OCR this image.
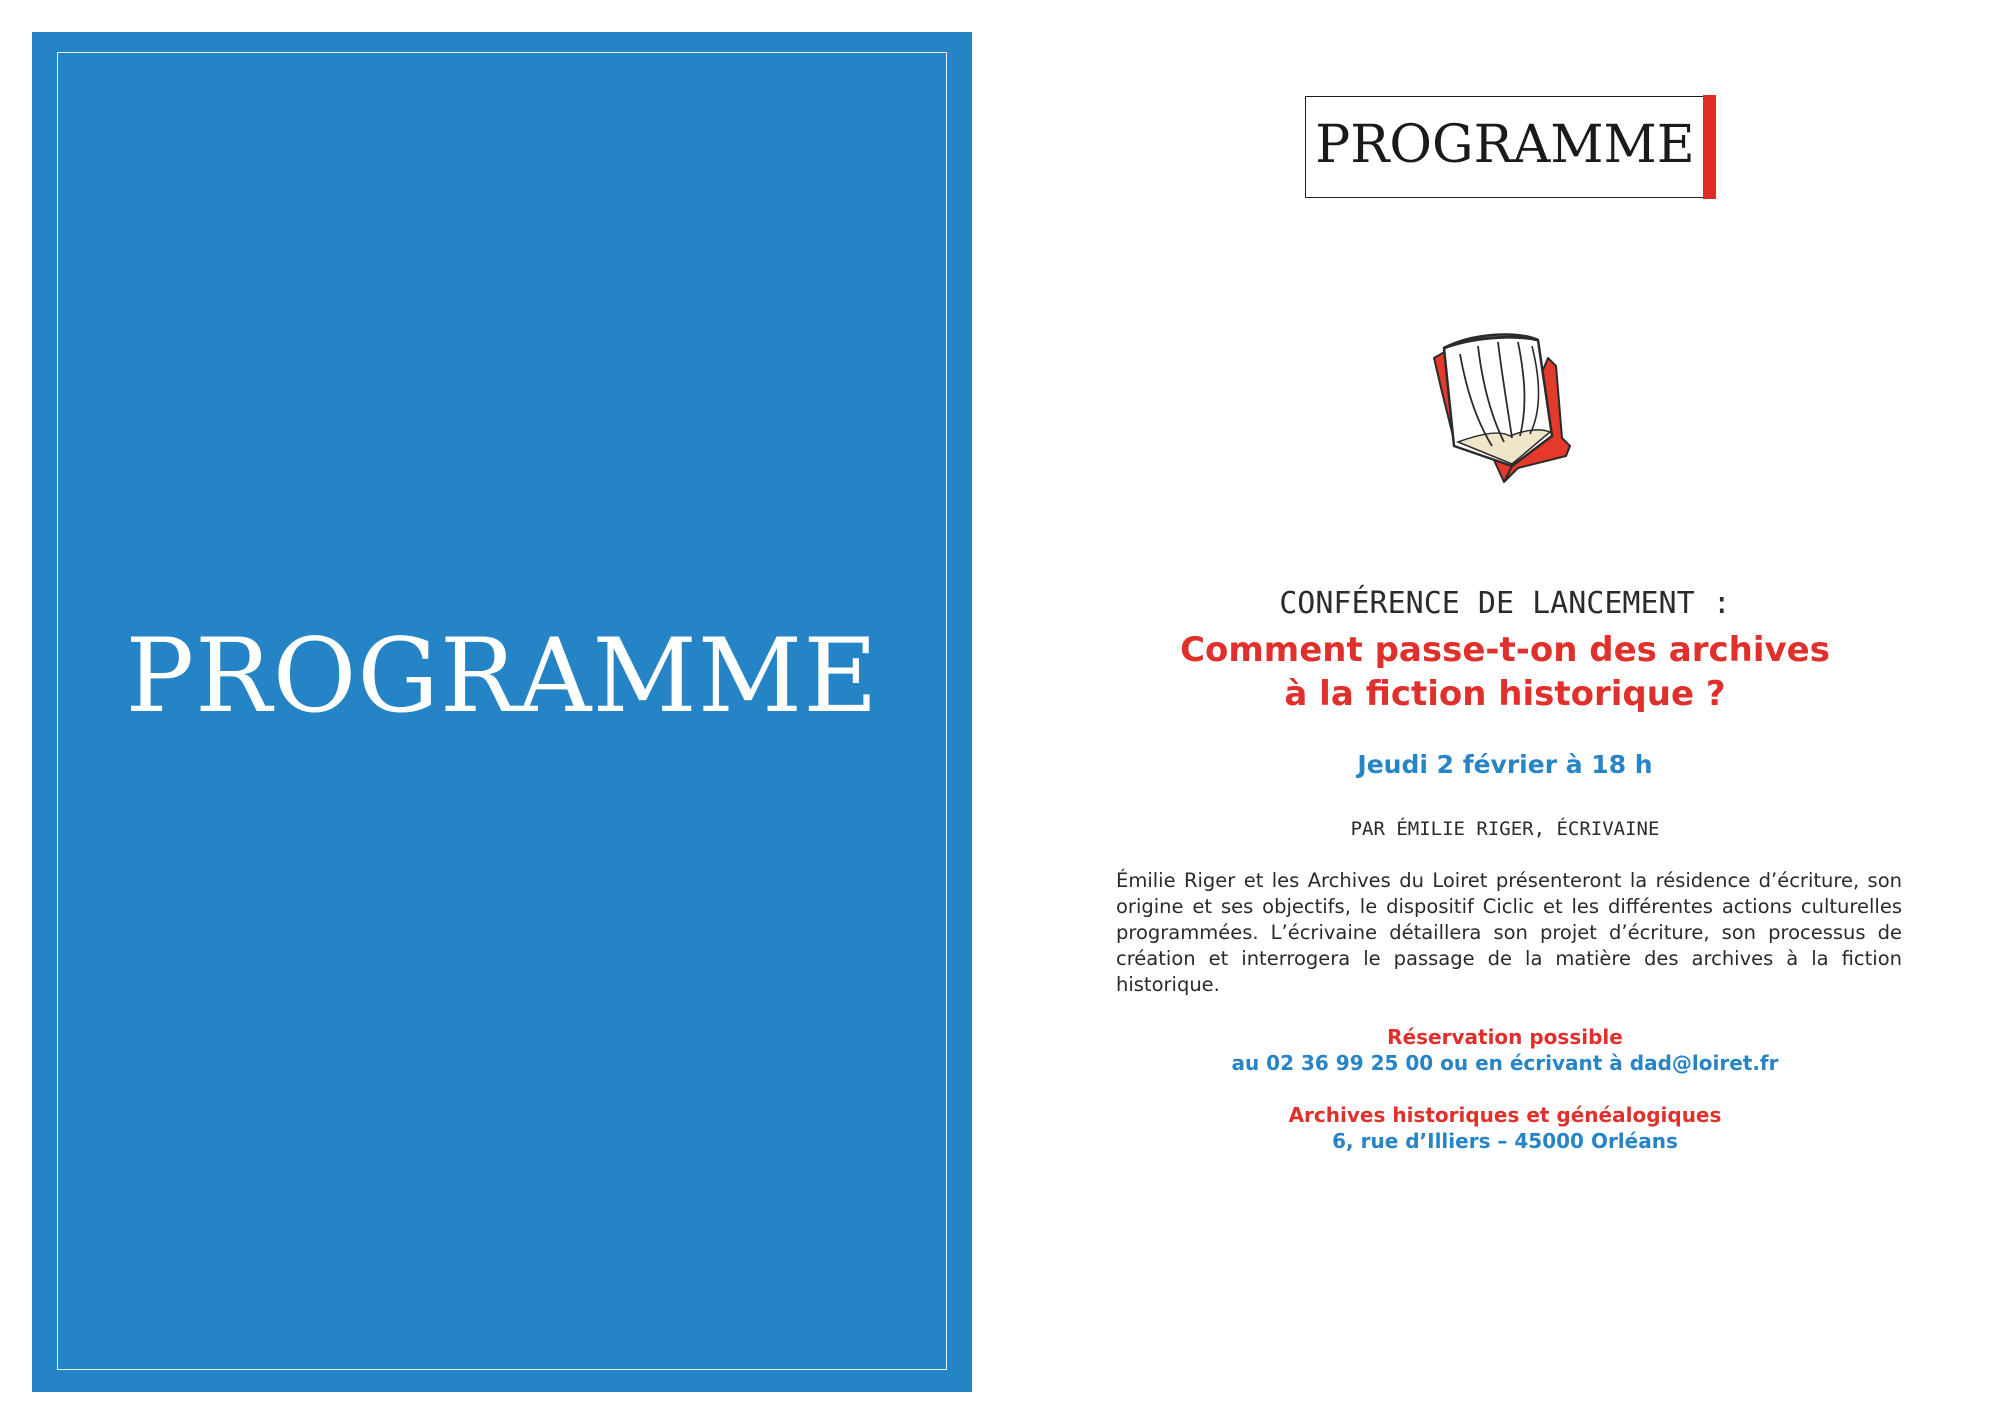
PROGRAMME
PROGRAMME
CONFÉRENCE DE LANCEMENT :
Comment passe-t-on des archives
à la fiction historique ?
Jeudi 2 février à 18 h
PAR ÉMILIE RIGER, ÉCRIVAINE
Émilie Riger et les Archives du Loiret présenteront la résidence d’écriture, son origine et ses objectifs, le dispositif Ciclic et les différentes actions culturelles programmées. L’écrivaine détaillera son projet d’écriture, son processus de création et interrogera le passage de la matière des archives à la fiction historique.
Réservation possible
au 02 36 99 25 00 ou en écrivant à dad@loiret.fr
Archives historiques et généalogiques
6, rue d’Illiers – 45000 Orléans
